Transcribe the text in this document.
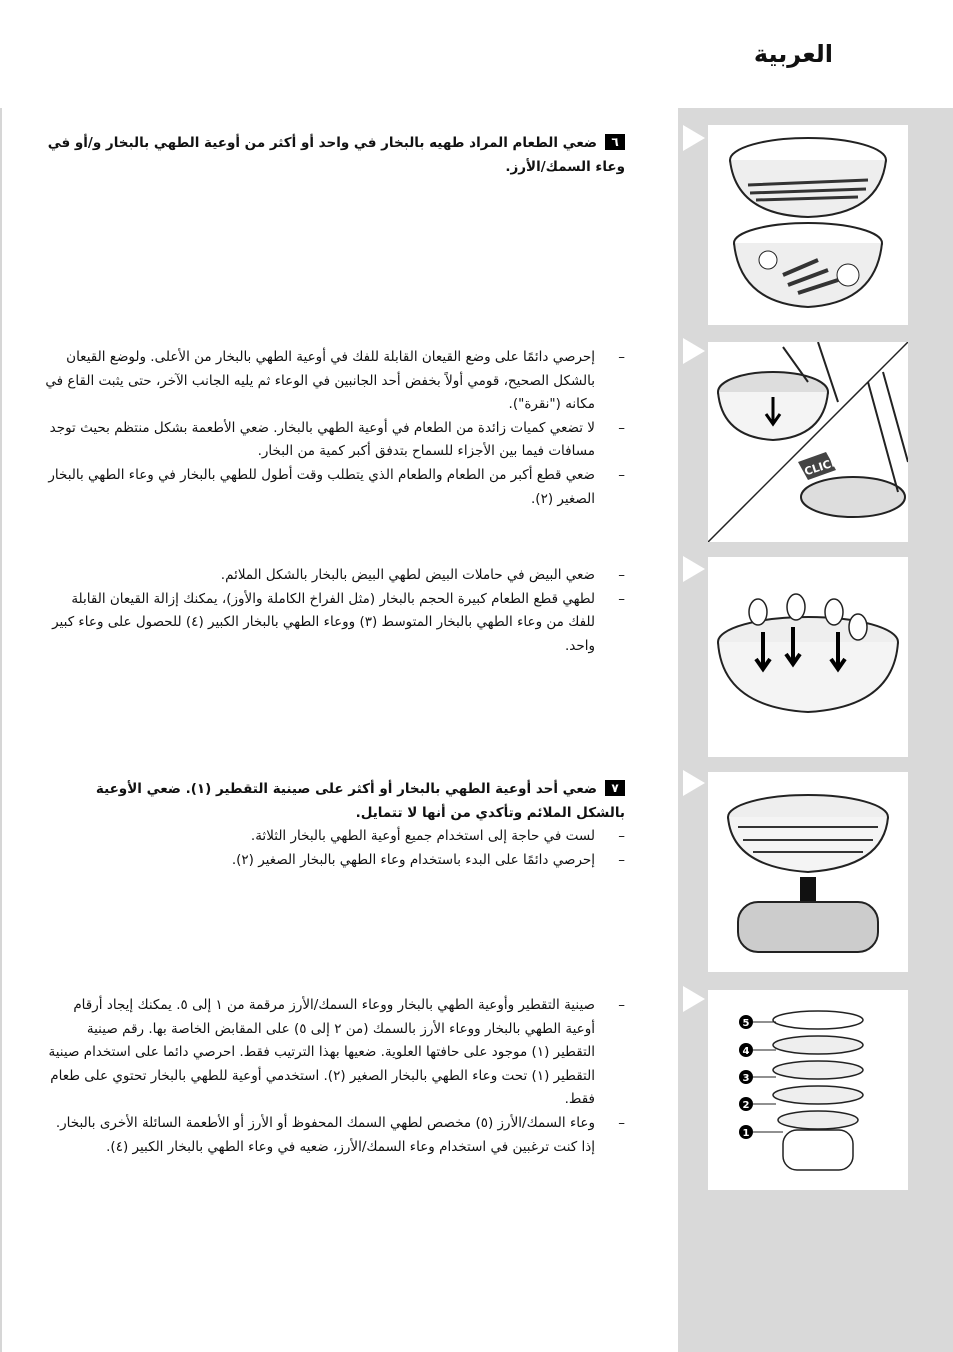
العربية
CLICK
5
4
3
2
1
٦ضعي الطعام المراد طهيه بالبخار في واحد أو أكثر من أوعية الطهي بالبخار و/أو في وعاء السمك/الأرز.
– إحرصي دائمًا على وضع القيعان القابلة للفك في أوعية الطهي بالبخار من الأعلى. ولوضع القيعان بالشكل الصحيح، قومي أولاً بخفض أحد الجانبين في الوعاء ثم يليه الجانب الآخر، حتى يثبت القاع في مكانه ("نقرة").
– لا تضعي كميات زائدة من الطعام في أوعية الطهي بالبخار. ضعي الأطعمة بشكل منتظم بحيث توجد مسافات فيما بين الأجزاء للسماح بتدفق أكبر كمية من البخار.
– ضعي قطع أكبر من الطعام والطعام الذي يتطلب وقت أطول للطهي بالبخار في وعاء الطهي بالبخار الصغير (٢).
– ضعي البيض في حاملات البيض لطهي البيض بالبخار بالشكل الملائم.
– لطهي قطع الطعام كبيرة الحجم بالبخار (مثل الفراخ الكاملة والأوز)، يمكنك إزالة القيعان القابلة للفك من وعاء الطهي بالبخار المتوسط (٣) ووعاء الطهي بالبخار الكبير (٤) للحصول على وعاء كبير واحد.
٧ضعي أحد أوعية الطهي بالبخار أو أكثر على صينية التقطير (١). ضعي الأوعية بالشكل الملائم وتأكدي من أنها لا تتمايل.
– لست في حاجة إلى استخدام جميع أوعية الطهي بالبخار الثلاثة.
– إحرصي دائمًا على البدء باستخدام وعاء الطهي بالبخار الصغير (٢).
– صينية التقطير وأوعية الطهي بالبخار ووعاء السمك/الأرز مرقمة من ١ إلى ٥. يمكنك إيجاد أرقام أوعية الطهي بالبخار ووعاء الأرز بالسمك (من ٢ إلى ٥) على المقابض الخاصة بها. رقم صينية التقطير (١) موجود على حافتها العلوية. ضعيها بهذا الترتيب فقط. احرصي دائما على استخدام صينية التقطير (١) تحت وعاء الطهي بالبخار الصغير (٢). استخدمي أوعية للطهي بالبخار تحتوي على طعام فقط.
– وعاء السمك/الأرز (٥) مخصص لطهي السمك المحفوظ أو الأرز أو الأطعمة السائلة الأخرى بالبخار. إذا كنت ترغبين في استخدام وعاء السمك/الأرز، ضعيه في وعاء الطهي بالبخار الكبير (٤).
